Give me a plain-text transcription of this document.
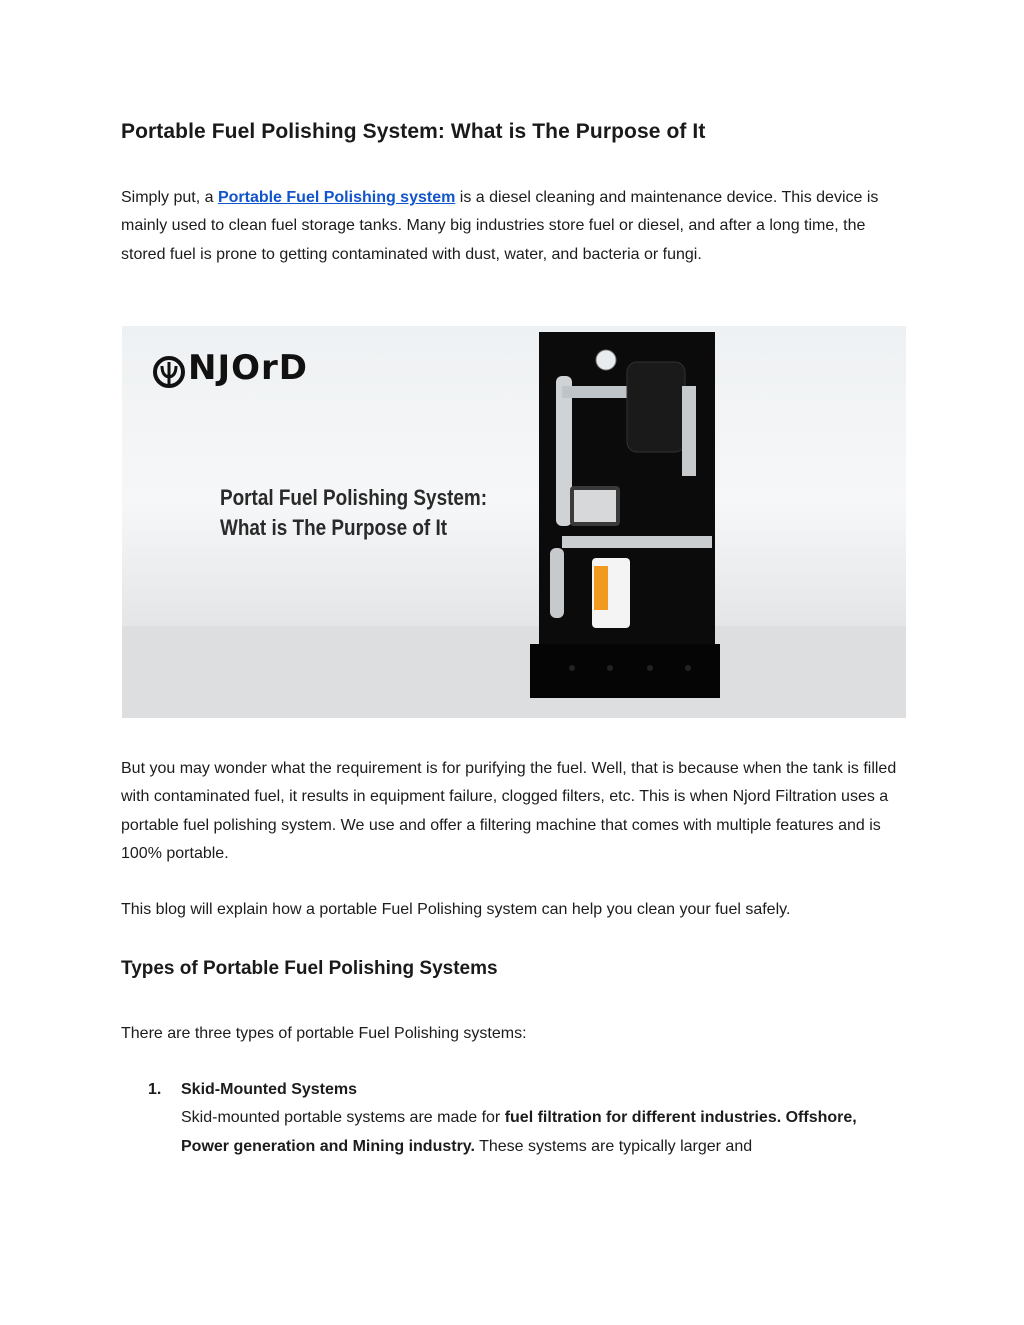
Portable Fuel Polishing System: What is The Purpose of It

Simply put, a Portable Fuel Polishing system is a diesel cleaning and maintenance device. This device is mainly used to clean fuel storage tanks. Many big industries store fuel or diesel, and after a long time, the stored fuel is prone to getting contaminated with dust, water, and bacteria or fungi.

NJOrD
Portal Fuel Polishing System:
What is The Purpose of It

But you may wonder what the requirement is for purifying the fuel. Well, that is because when the tank is filled with contaminated fuel, it results in equipment failure, clogged filters, etc. This is when Njord Filtration uses a portable fuel polishing system. We use and offer a filtering machine that comes with multiple features and is 100% portable.

This blog will explain how a portable Fuel Polishing system can help you clean your fuel safely.

Types of Portable Fuel Polishing Systems

There are three types of portable Fuel Polishing systems:

1. Skid-Mounted Systems
Skid-mounted portable systems are made for fuel filtration for different industries. Offshore, Power generation and Mining industry. These systems are typically larger and
